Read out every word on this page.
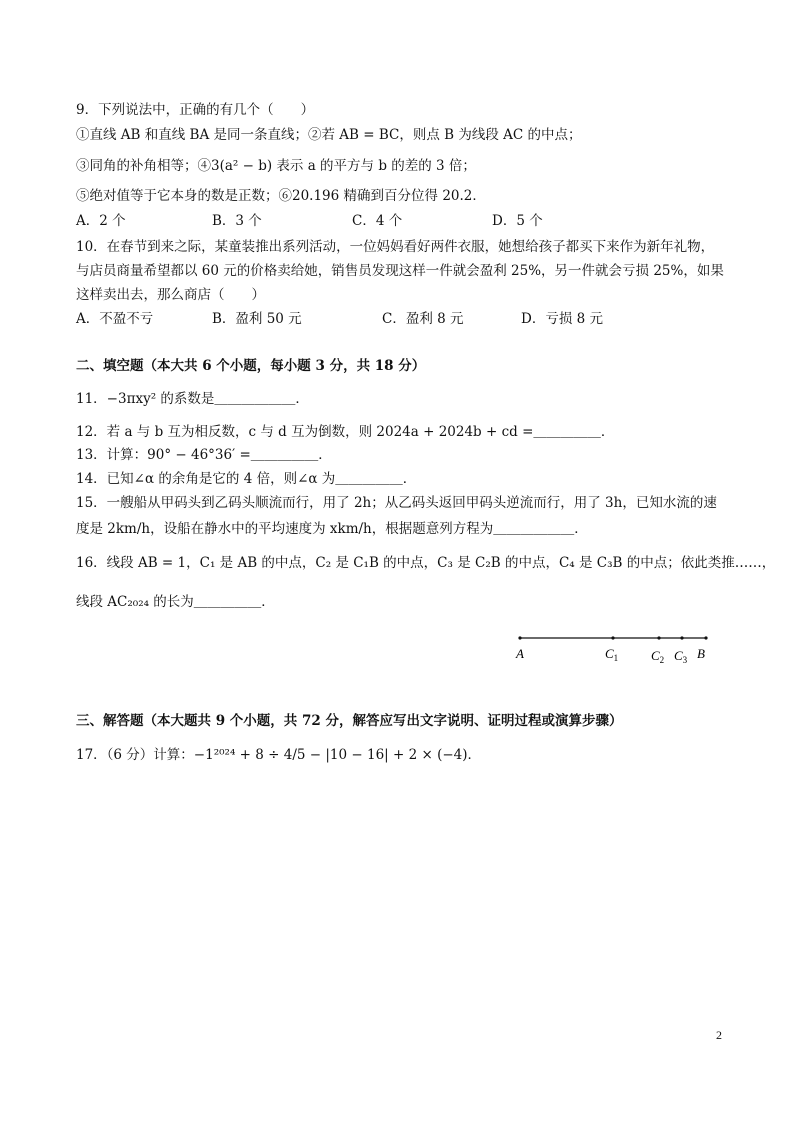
9．下列说法中，正确的有几个（　　）
①直线 AB 和直线 BA 是同一条直线；②若 AB = BC，则点 B 为线段 AC 的中点；
③同角的补角相等；④3(a² − b) 表示 a 的平方与 b 的差的 3 倍；
⑤绝对值等于它本身的数是正数；⑥20.196 精确到百分位得 20.2．
A．2 个	B．3 个	C．4 个	D．5 个
10．在春节到来之际，某童装推出系列活动，一位妈妈看好两件衣服，她想给孩子都买下来作为新年礼物，
与店员商量希望都以 60 元的价格卖给她，销售员发现这样一件就会盈利 25%，另一件就会亏损 25%，如果
这样卖出去，那么商店（　　）
A．不盈不亏	B．盈利 50 元	C．盈利 8 元	D．亏损 8 元
二、填空题（本大共 6 个小题，每小题 3 分，共 18 分）
11．−3πxy² 的系数是＿＿＿＿＿＿．
12．若 a 与 b 互为相反数，c 与 d 互为倒数，则 2024a + 2024b + cd =＿＿＿＿＿．
13．计算：90° − 46°36′ =＿＿＿＿＿．
14．已知∠α 的余角是它的 4 倍，则∠α 为＿＿＿＿＿．
15．一艘船从甲码头到乙码头顺流而行，用了 2h；从乙码头返回甲码头逆流而行，用了 3h，已知水流的速
度是 2km/h，设船在静水中的平均速度为 xkm/h，根据题意列方程为＿＿＿＿＿＿．
16．线段 AB = 1，C₁ 是 AB 的中点，C₂ 是 C₁B 的中点，C₃ 是 C₂B 的中点，C₄ 是 C₃B 的中点；依此类推……，
线段 AC₂₀₂₄ 的长为＿＿＿＿＿．
A	$C_1$	$C_2$ $C_3$ B
三、解答题（本大题共 9 个小题，共 72 分，解答应写出文字说明、证明过程或演算步骤）
17．（6 分）计算：−1²⁰²⁴ + 8 ÷ 4/5 − |10 − 16| + 2 × (−4)．
2
